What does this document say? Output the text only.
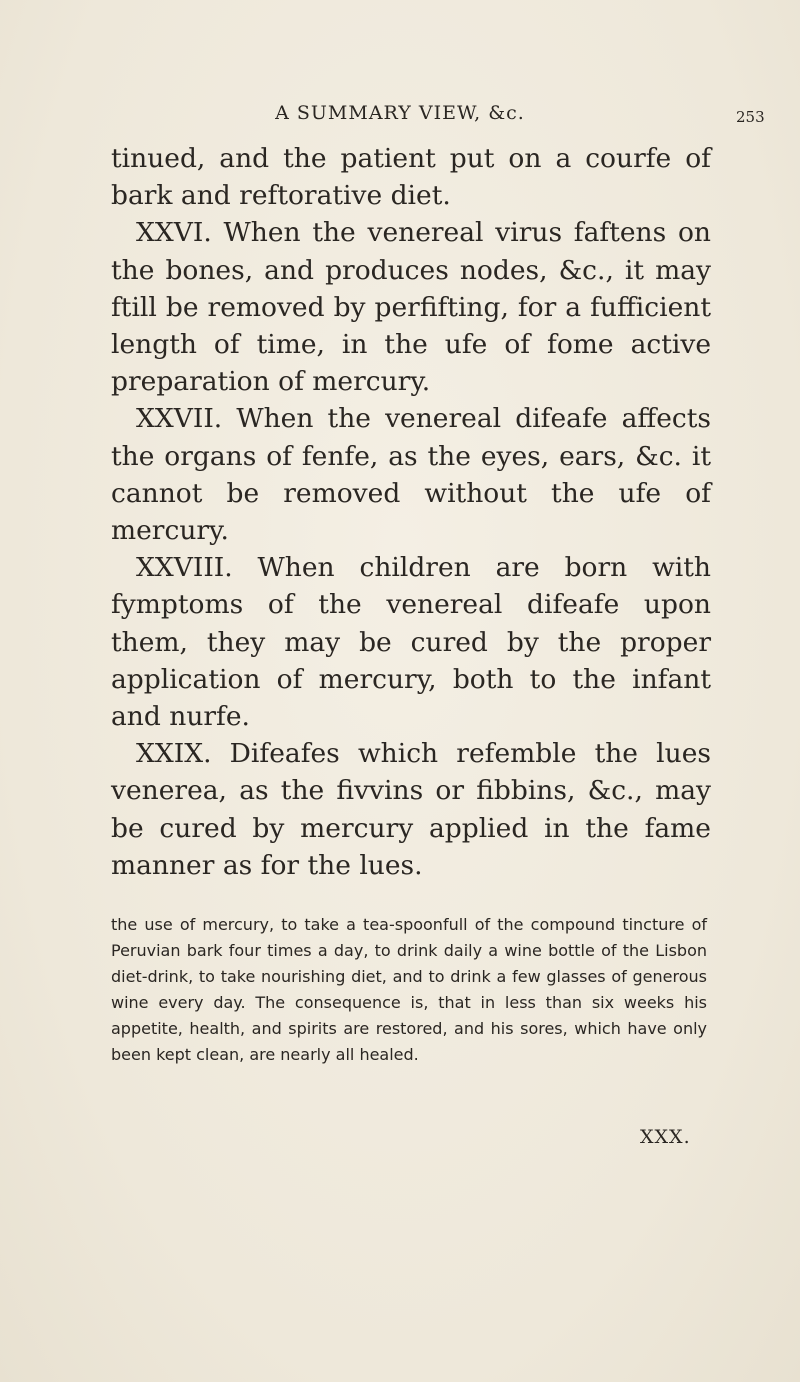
A SUMMARY VIEW, &c.	253

tinued, and the patient put on a courfe of bark and reftorative diet.

XXVI. When the venereal virus faftens on the bones, and produces nodes, &c., it may ftill be removed by perfifting, for a fufficient length of time, in the ufe of fome active preparation of mercury.

XXVII. When the venereal difeafe affects the organs of fenfe, as the eyes, ears, &c. it cannot be removed without the ufe of mercury.

XXVIII. When children are born with fymptoms of the venereal difeafe upon them, they may be cured by the proper application of mercury, both to the infant and nurfe.

XXIX. Difeafes which refemble the lues venerea, as the fivvins or fibbins, &c., may be cured by mercury applied in the fame manner as for the lues.

the use of mercury, to take a tea-spoonfull of the compound tincture of Peruvian bark four times a day, to drink daily a wine bottle of the Lisbon diet-drink, to take nourishing diet, and to drink a few glasses of generous wine every day. The consequence is, that in less than six weeks his appetite, health, and spirits are restored, and his sores, which have only been kept clean, are nearly all healed.

XXX.
